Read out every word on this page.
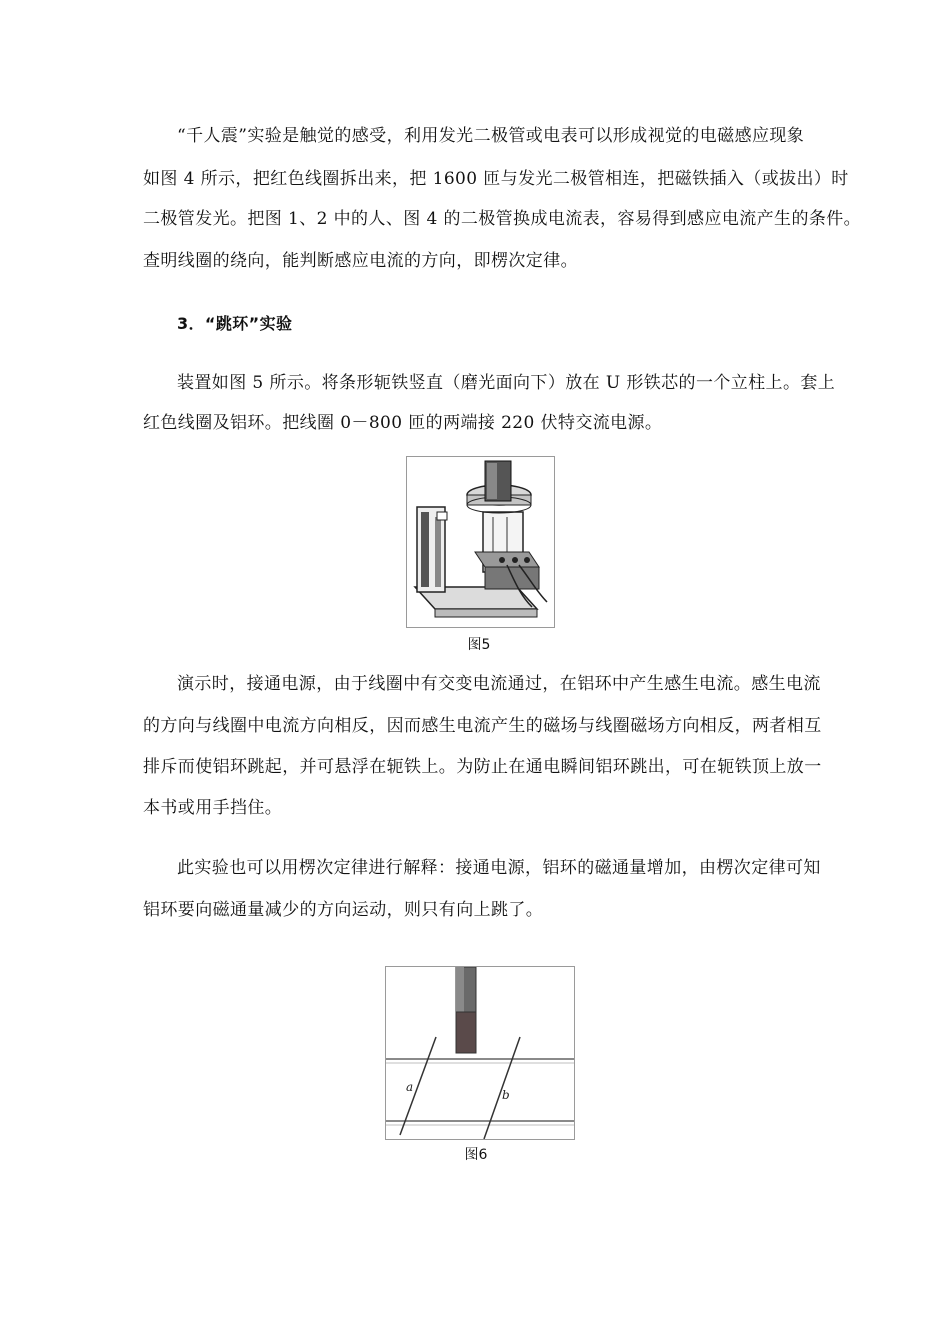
“千人震”实验是触觉的感受，利用发光二极管或电表可以形成视觉的电磁感应现象
如图 4 所示，把红色线圈拆出来，把 1600 匝与发光二极管相连，把磁铁插入（或拔出）时
二极管发光。把图 1、2 中的人、图 4 的二极管换成电流表，容易得到感应电流产生的条件。
查明线圈的绕向，能判断感应电流的方向，即楞次定律。
3．“跳环”实验
装置如图 5 所示。将条形轭铁竖直（磨光面向下）放在 U 形铁芯的一个立柱上。套上
红色线圈及铝环。把线圈 0－800 匝的两端接 220 伏特交流电源。
图5
演示时，接通电源，由于线圈中有交变电流通过，在铝环中产生感生电流。感生电流
的方向与线圈中电流方向相反，因而感生电流产生的磁场与线圈磁场方向相反，两者相互
排斥而使铝环跳起，并可悬浮在轭铁上。为防止在通电瞬间铝环跳出，可在轭铁顶上放一
本书或用手挡住。
此实验也可以用楞次定律进行解释：接通电源，铝环的磁通量增加，由楞次定律可知
铝环要向磁通量减少的方向运动，则只有向上跳了。
a
b
图6
